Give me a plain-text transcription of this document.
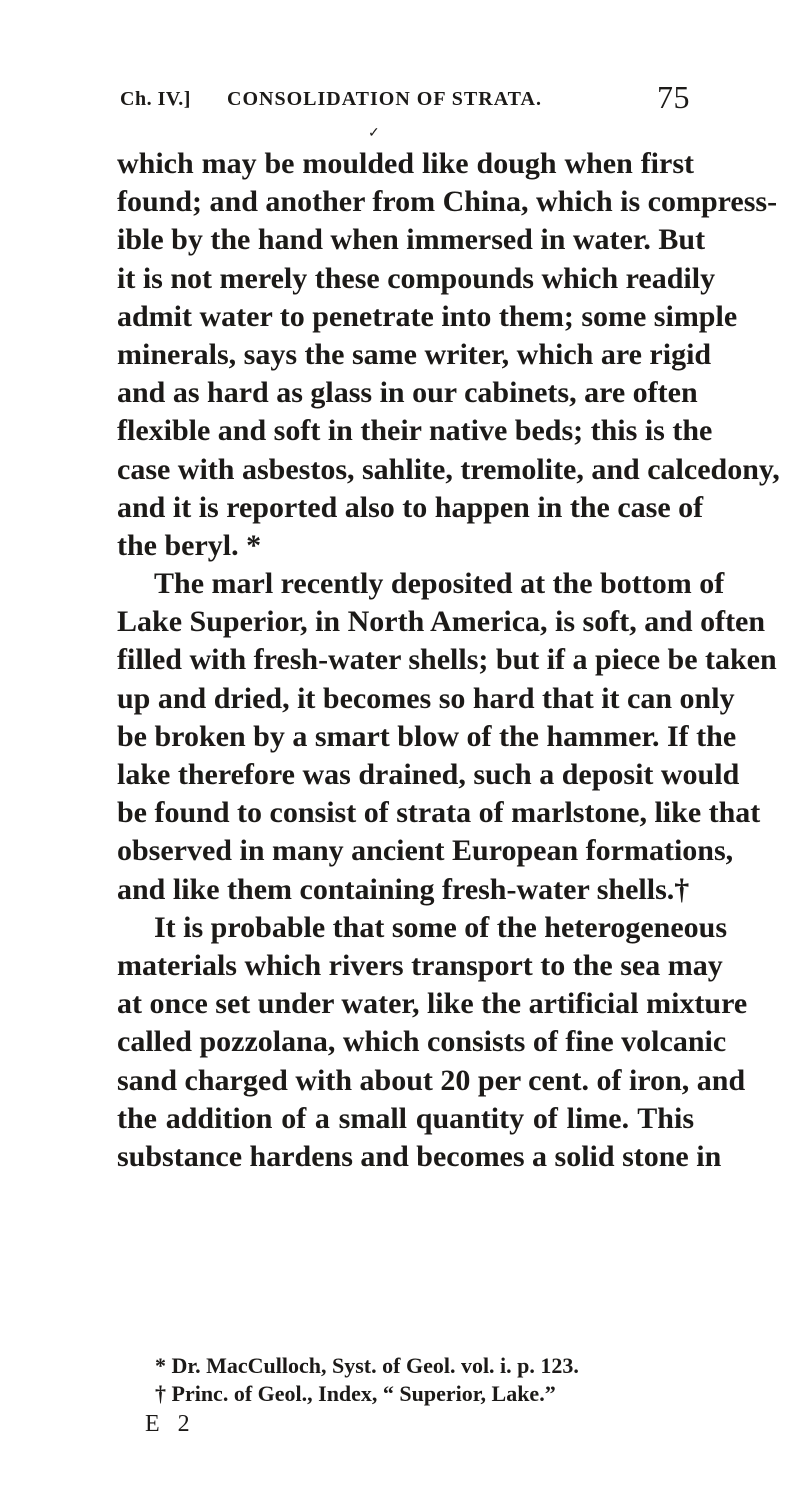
Ch. IV.] CONSOLIDATION OF STRATA.	75
✓
which may be moulded like dough when first
found; and another from China, which is compress-
ible by the hand when immersed in water. But
it is not merely these compounds which readily
admit water to penetrate into them; some simple
minerals, says the same writer, which are rigid
and as hard as glass in our cabinets, are often
flexible and soft in their native beds; this is the
case with asbestos, sahlite, tremolite, and calcedony,
and it is reported also to happen in the case of
the beryl. *
The marl recently deposited at the bottom of
Lake Superior, in North America, is soft, and often
filled with fresh-water shells; but if a piece be taken
up and dried, it becomes so hard that it can only
be broken by a smart blow of the hammer. If the
lake therefore was drained, such a deposit would
be found to consist of strata of marlstone, like that
observed in many ancient European formations,
and like them containing fresh-water shells.†
It is probable that some of the heterogeneous
materials which rivers transport to the sea may
at once set under water, like the artificial mixture
called pozzolana, which consists of fine volcanic
sand charged with about 20 per cent. of iron, and
the addition of a small quantity of lime. This
substance hardens and becomes a solid stone in
* Dr. MacCulloch, Syst. of Geol. vol. i. p. 123.
† Princ. of Geol., Index, “ Superior, Lake.”
E 2
